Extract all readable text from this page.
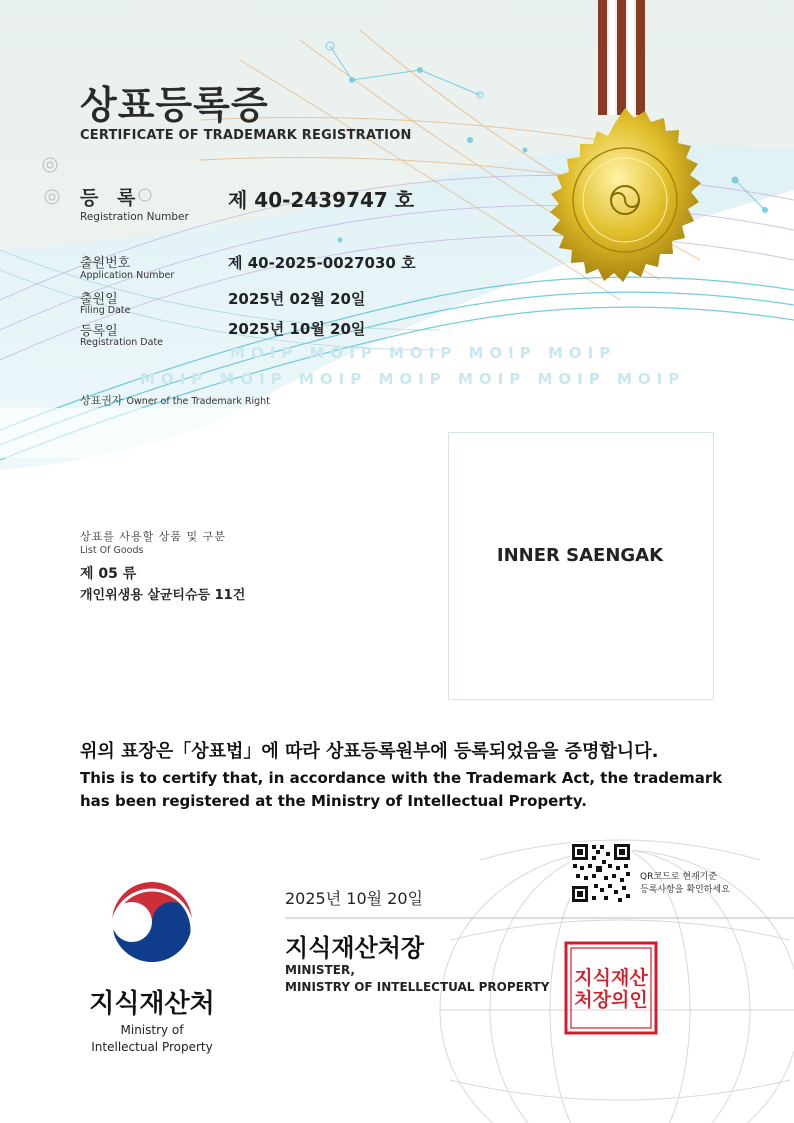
상표등록증
CERTIFICATE OF TRADEMARK REGISTRATION
등 록
Registration Number
제 40-2439747 호
출원번호
Application Number
제 40-2025-0027030 호
출원일
Filing Date
2025년 02월 20일
등록일
Registration Date
2025년 10월 20일
MOIP MOIP MOIP MOIP MOIP
MOIP MOIP MOIP MOIP MOIP MOIP MOIP
상표권자 Owner of the Trademark Right
INNER SAENGAK
상표를 사용할 상품 및 구분
List Of Goods
제 05 류
개인위생용 살균티슈등 11건
위의 표장은「상표법」에 따라 상표등록원부에 등록되었음을 증명합니다.
This is to certify that, in accordance with the Trademark Act, the trademark
has been registered at the Ministry of Intellectual Property.
QR코드로 현재기준
등록사항을 확인하세요
2025년 10월 20일
지식재산처장
MINISTER,
MINISTRY OF INTELLECTUAL PROPERTY 지식재산처장의인
지식재산처
Ministry of
Intellectual Property
